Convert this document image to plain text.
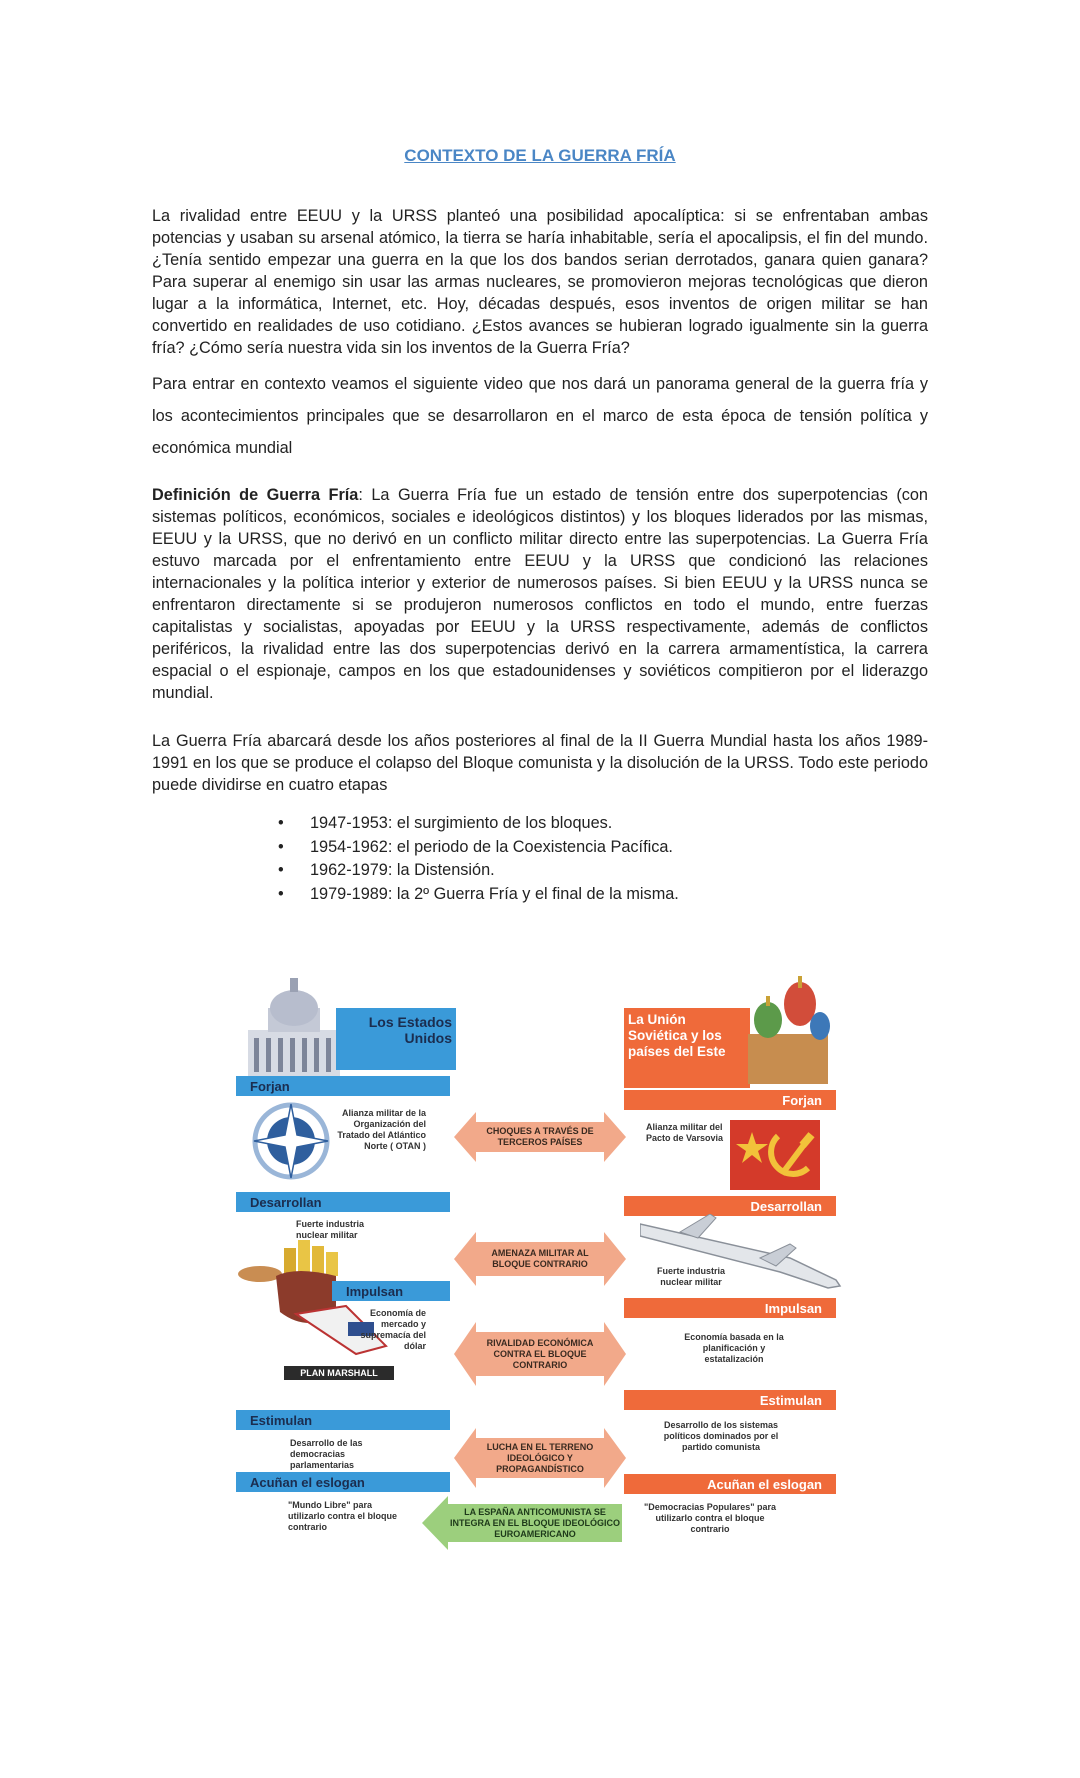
CONTEXTO DE LA GUERRA FRÍA

La rivalidad entre EEUU y la URSS planteó una posibilidad apocalíptica: si se enfrentaban ambas potencias y usaban su arsenal atómico, la tierra se haría inhabitable, sería el apocalipsis, el fin del mundo. ¿Tenía sentido empezar una guerra en la que los dos bandos serian derrotados, ganara quien ganara? Para superar al enemigo sin usar las armas nucleares, se promovieron mejoras tecnológicas que dieron lugar a la informática, Internet, etc. Hoy, décadas después, esos inventos de origen militar se han convertido en realidades de uso cotidiano. ¿Estos avances se hubieran logrado igualmente sin la guerra fría? ¿Cómo sería nuestra vida sin los inventos de la Guerra Fría?

Para entrar en contexto veamos el siguiente video que nos dará un panorama general de la guerra fría y los acontecimientos principales que se desarrollaron en el marco de esta época de tensión política y económica mundial

Definición de Guerra Fría: La Guerra Fría fue un estado de tensión entre dos superpotencias (con sistemas políticos, económicos, sociales e ideológicos distintos) y los bloques liderados por las mismas, EEUU y la URSS, que no derivó en un conflicto militar directo entre las superpotencias. La Guerra Fría estuvo marcada por el enfrentamiento entre EEUU y la URSS que condicionó las relaciones internacionales y la política interior y exterior de numerosos países. Si bien EEUU y la URSS nunca se enfrentaron directamente si se produjeron numerosos conflictos en todo el mundo, entre fuerzas capitalistas y socialistas, apoyadas por EEUU y la URSS respectivamente, además de conflictos periféricos, la rivalidad entre las dos superpotencias derivó en la carrera armamentística, la carrera espacial o el espionaje, campos en los que estadounidenses y soviéticos compitieron por el liderazgo mundial.

La Guerra Fría abarcará desde los años posteriores al final de la II Guerra Mundial hasta los años 1989-1991 en los que se produce el colapso del Bloque comunista y la disolución de la URSS. Todo este periodo puede dividirse en cuatro etapas

• 1947-1953: el surgimiento de los bloques.
• 1954-1962: el periodo de la Coexistencia Pacífica.
• 1962-1979: la Distensión.
• 1979-1989: la 2º Guerra Fría y el final de la misma.
Los Estados Unidos
La Unión Soviética y los países del Este
Forjan
Alianza militar de la Organización del Tratado del Atlántico Norte ( OTAN )
Desarrollan
Fuerte industria nuclear militar
Impulsan
Economía de mercado y supremacía del dólar
PLAN MARSHALL
Estimulan
Desarrollo de las democracias parlamentarias
Acuñan el eslogan
"Mundo Libre" para utilizarlo contra el bloque contrario
Forjan
Alianza militar del Pacto de Varsovia
Desarrollan
Fuerte industria nuclear militar
Impulsan
Economía basada en la planificación y estatalización
Estimulan
Desarrollo de los sistemas políticos dominados por el partido comunista
Acuñan el eslogan
"Democracias Populares" para utilizarlo contra el bloque contrario
CHOQUES A TRAVÉS DE TERCEROS PAÍSES
AMENAZA MILITAR AL BLOQUE CONTRARIO
RIVALIDAD ECONÓMICA CONTRA EL BLOQUE CONTRARIO
LUCHA EN EL TERRENO IDEOLÓGICO Y PROPAGANDÍSTICO
LA ESPAÑA ANTICOMUNISTA SE INTEGRA EN EL BLOQUE IDEOLÓGICO EUROAMERICANO
